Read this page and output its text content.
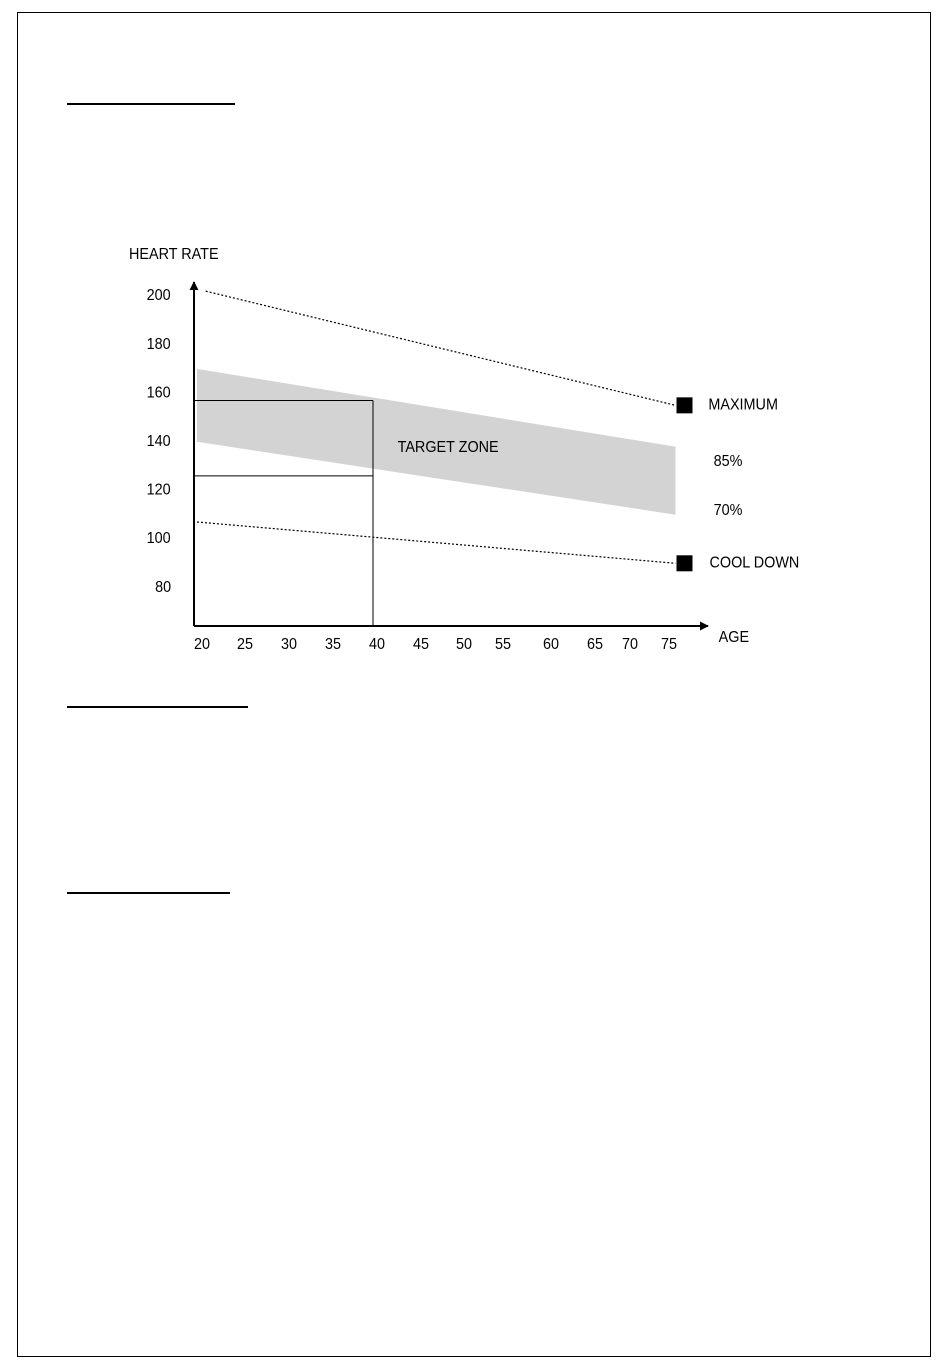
MAXIMUM
COOL DOWN
HEART RATE
AGE
80
100
120
140
160
180
200
20 25 30 35 40 45 50 55 60 65 70 75
TARGET ZONE
85%
70%
